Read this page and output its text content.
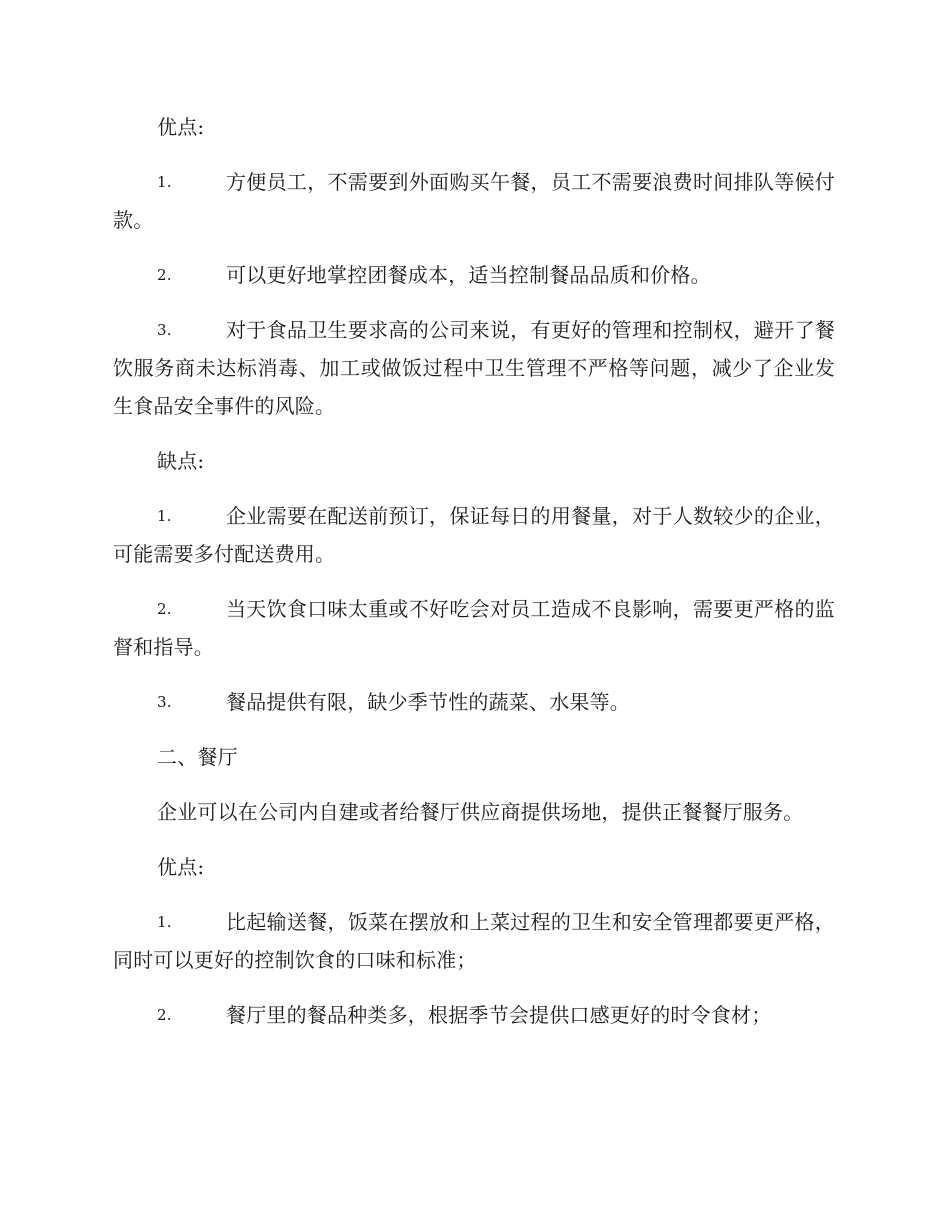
优点:

1.	方便员工，不需要到外面购买午餐，员工不需要浪费时间排队等候付款。

2.	可以更好地掌控团餐成本，适当控制餐品品质和价格。

3.	对于食品卫生要求高的公司来说，有更好的管理和控制权，避开了餐饮服务商未达标消毒、加工或做饭过程中卫生管理不严格等问题，减少了企业发生食品安全事件的风险。

缺点:

1.	企业需要在配送前预订，保证每日的用餐量，对于人数较少的企业，可能需要多付配送费用。

2.	当天饮食口味太重或不好吃会对员工造成不良影响，需要更严格的监督和指导。

3.	餐品提供有限，缺少季节性的蔬菜、水果等。

二、餐厅

企业可以在公司内自建或者给餐厅供应商提供场地，提供正餐餐厅服务。

优点:

1.	比起输送餐，饭菜在摆放和上菜过程的卫生和安全管理都要更严格，同时可以更好的控制饮食的口味和标准；

2.	餐厅里的餐品种类多，根据季节会提供口感更好的时令食材；
